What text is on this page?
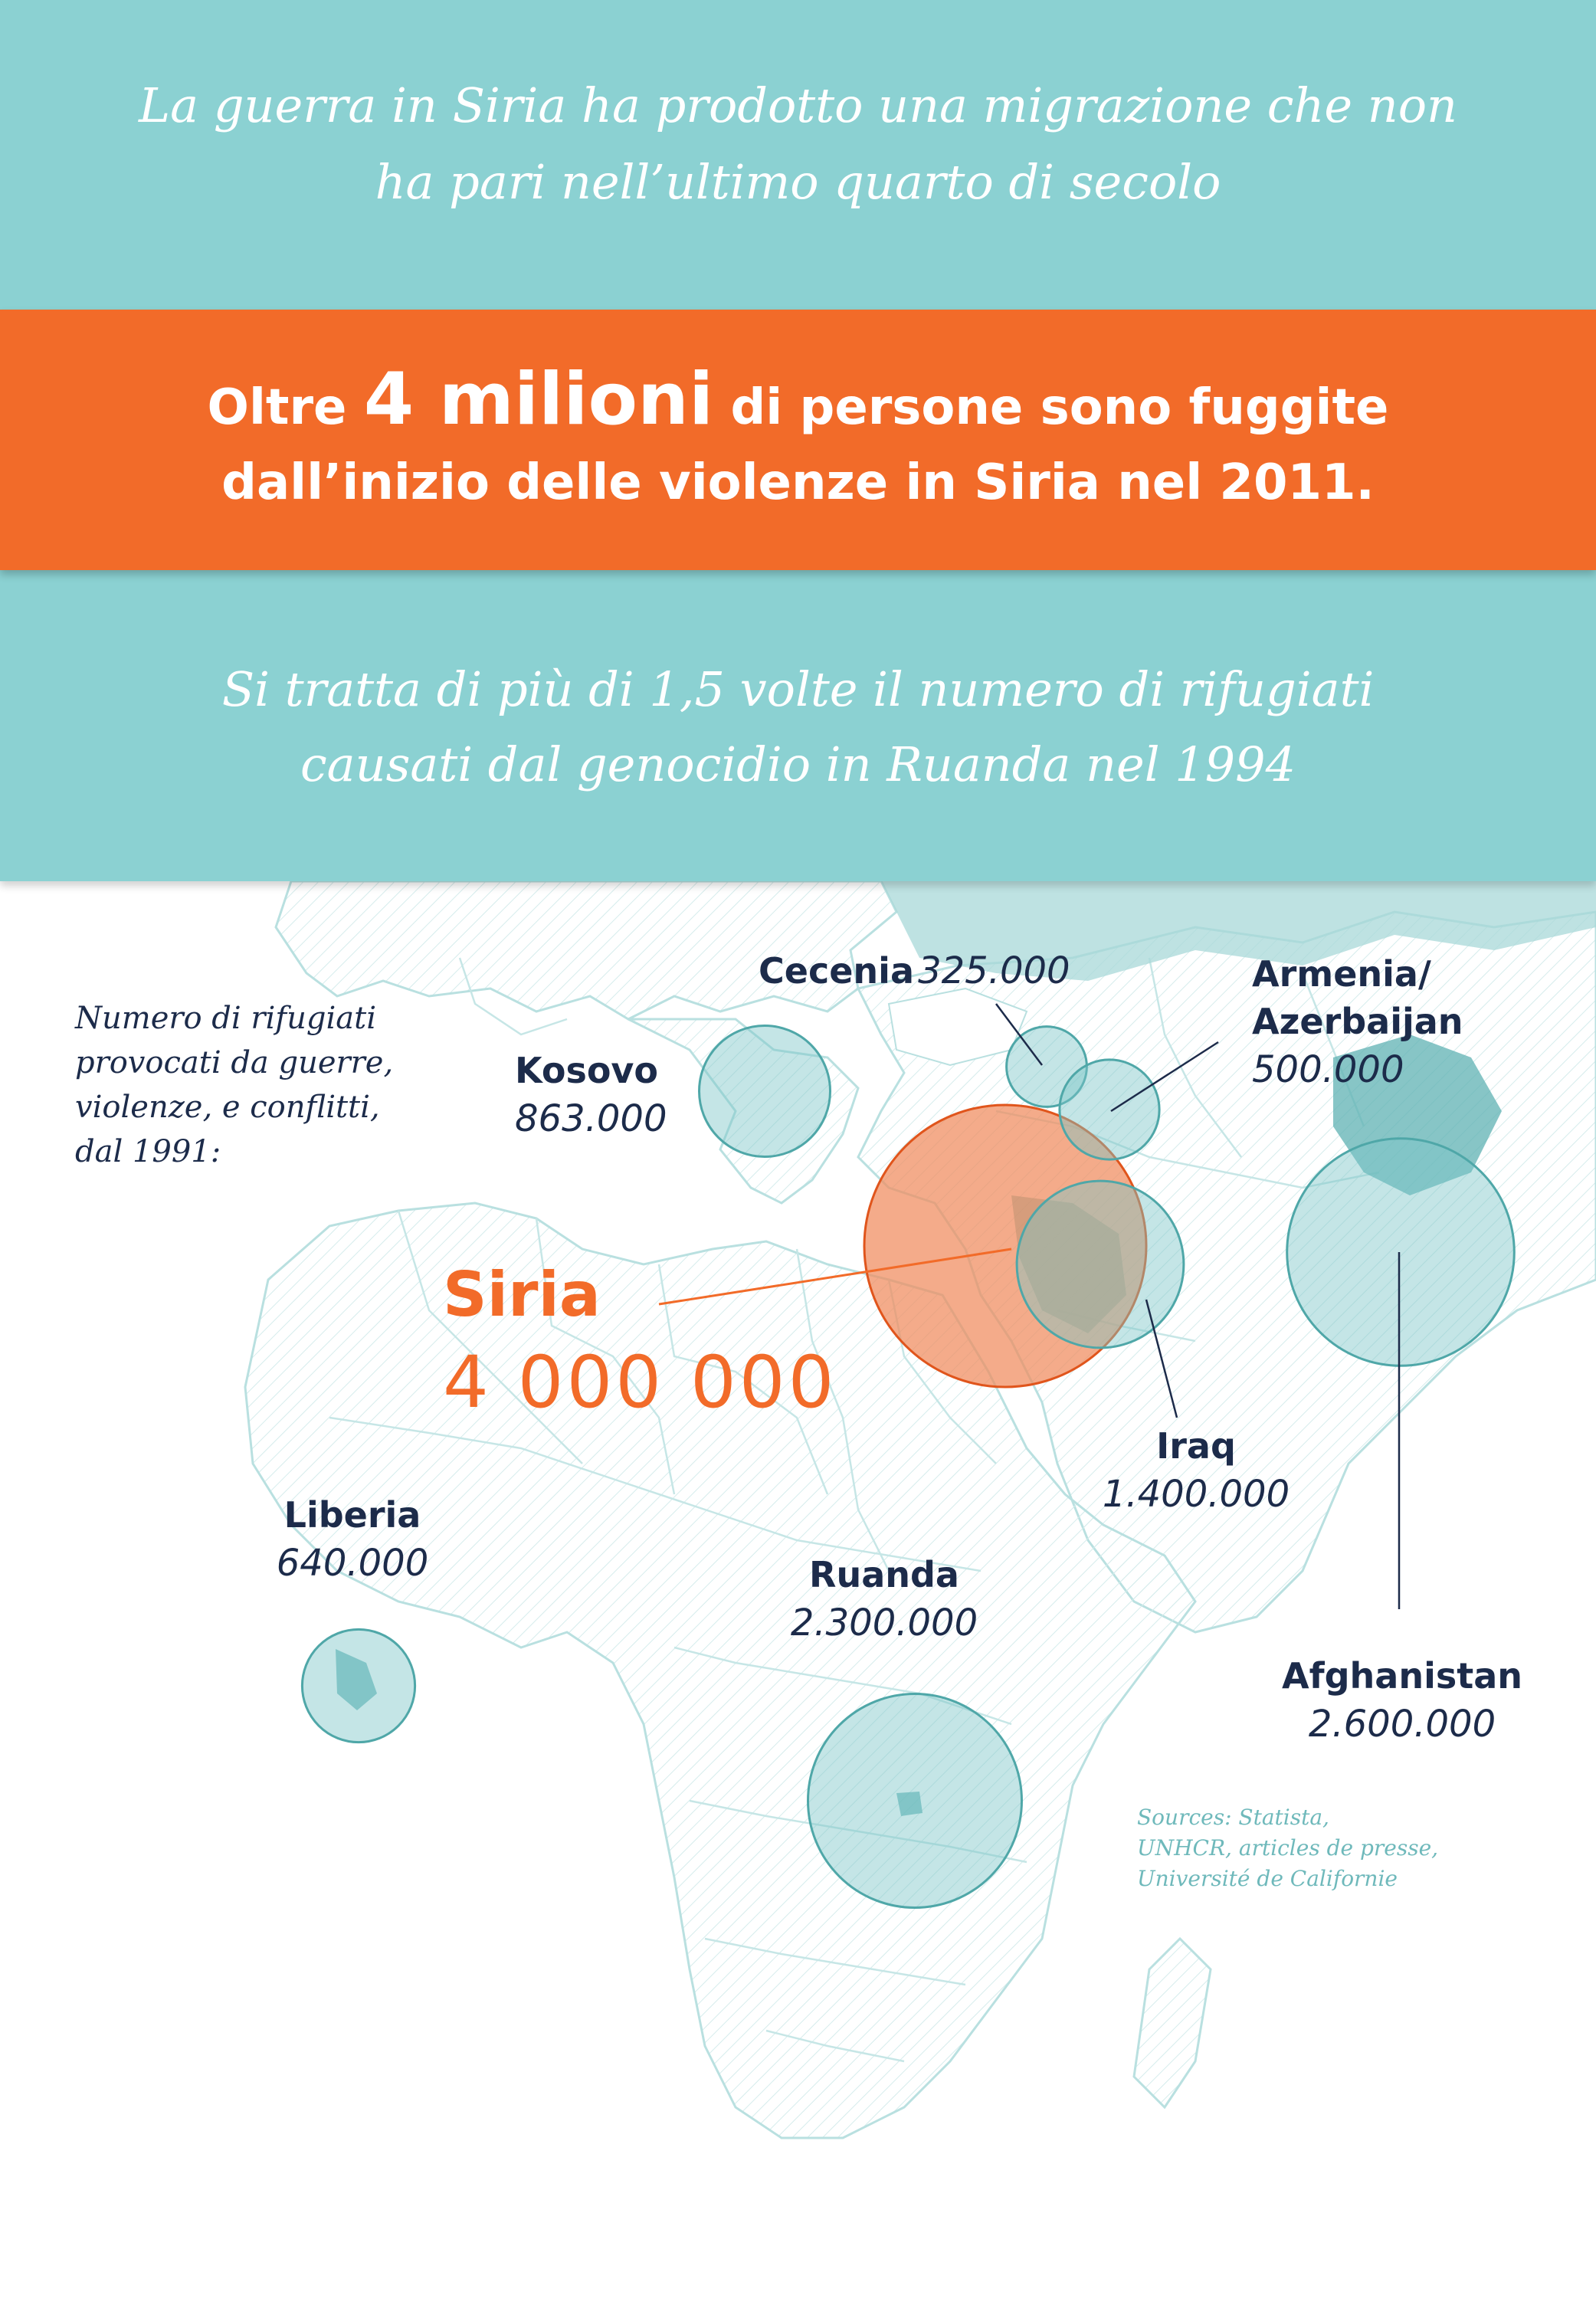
La guerra in Siria ha prodotto una migrazione che non

ha pari nell’ultimo quarto di secolo

Oltre 4 milioni di persone sono fuggite

dall’inizio delle violenze in Siria nel 2011.

Si tratta di più di 1,5 volte il numero di rifugiati

causati dal genocidio in Ruanda nel 1994

Numero di rifugiati provocati da guerre, violenze, e conflitti, dal 1991:

Siria
4 000 000
Cecenia 325.000	Armenia/
Azerbaijan
500.000
Kosovo
863.000
Iraq
1.400.000
Afghanistan
2.600.000
Liberia
640.000	Ruanda
2.300.000

Sources: Statista,
UNHCR, articles de presse,
Université de Californie
